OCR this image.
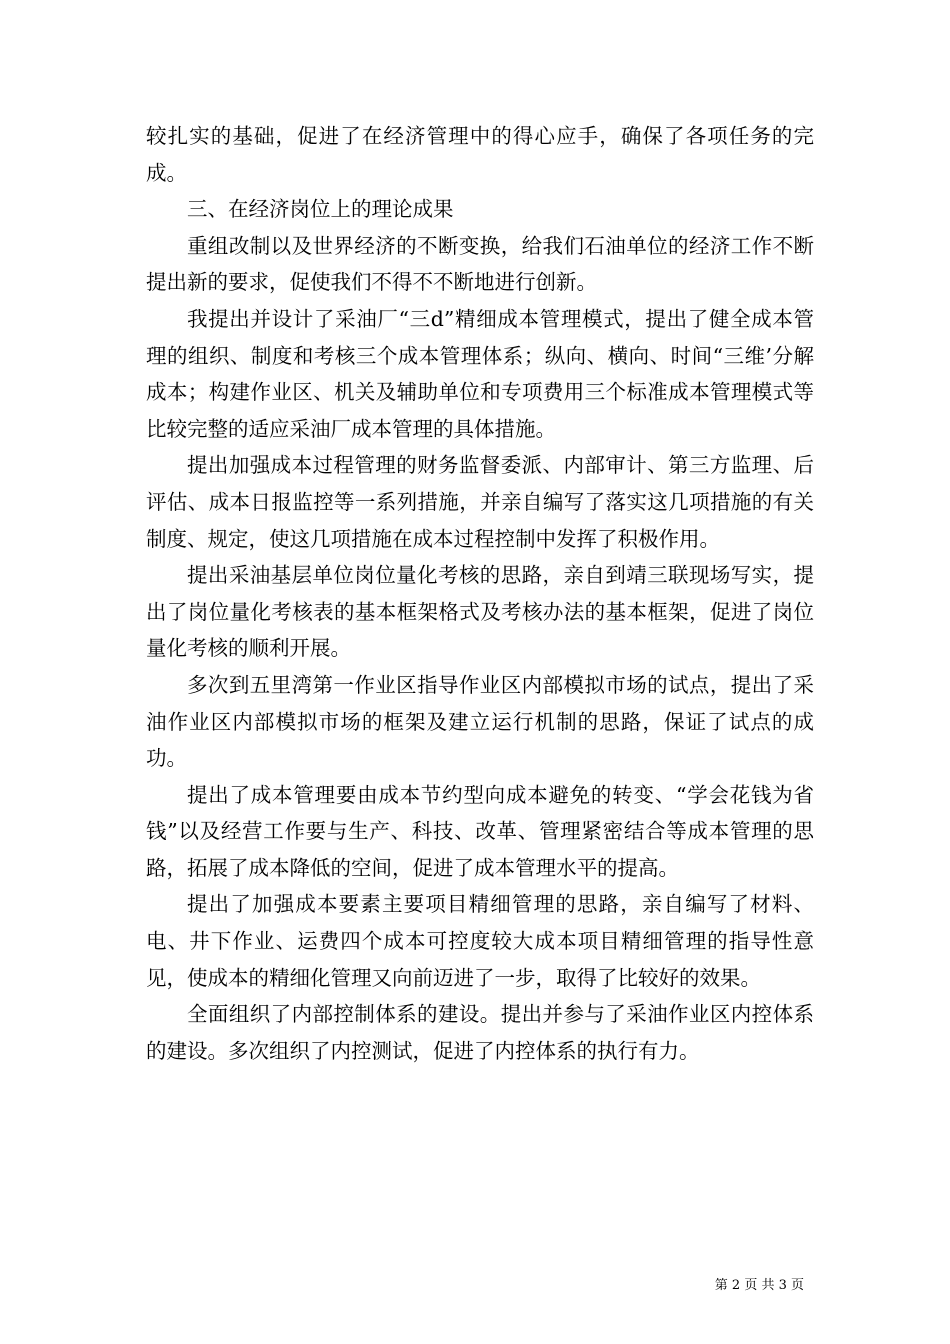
较扎实的基础，促进了在经济管理中的得心应手，确保了各项任务的完成。

三、在经济岗位上的理论成果

重组改制以及世界经济的不断变换，给我们石油单位的经济工作不断提出新的要求，促使我们不得不不断地进行创新。

我提出并设计了采油厂“三d”精细成本管理模式，提出了健全成本管理的组织、制度和考核三个成本管理体系；纵向、横向、时间“三维’分解成本；构建作业区、机关及辅助单位和专项费用三个标准成本管理模式等比较完整的适应采油厂成本管理的具体措施。

提出加强成本过程管理的财务监督委派、内部审计、第三方监理、后评估、成本日报监控等一系列措施，并亲自编写了落实这几项措施的有关制度、规定，使这几项措施在成本过程控制中发挥了积极作用。

提出采油基层单位岗位量化考核的思路，亲自到靖三联现场写实，提出了岗位量化考核表的基本框架格式及考核办法的基本框架，促进了岗位量化考核的顺利开展。

多次到五里湾第一作业区指导作业区内部模拟市场的试点，提出了采油作业区内部模拟市场的框架及建立运行机制的思路，保证了试点的成功。

提出了成本管理要由成本节约型向成本避免的转变、“学会花钱为省钱”以及经营工作要与生产、科技、改革、管理紧密结合等成本管理的思路，拓展了成本降低的空间，促进了成本管理水平的提高。

提出了加强成本要素主要项目精细管理的思路，亲自编写了材料、电、井下作业、运费四个成本可控度较大成本项目精细管理的指导性意见，使成本的精细化管理又向前迈进了一步，取得了比较好的效果。

全面组织了内部控制体系的建设。提出并参与了采油作业区内控体系的建设。多次组织了内控测试，促进了内控体系的执行有力。

第 2 页 共 3 页
